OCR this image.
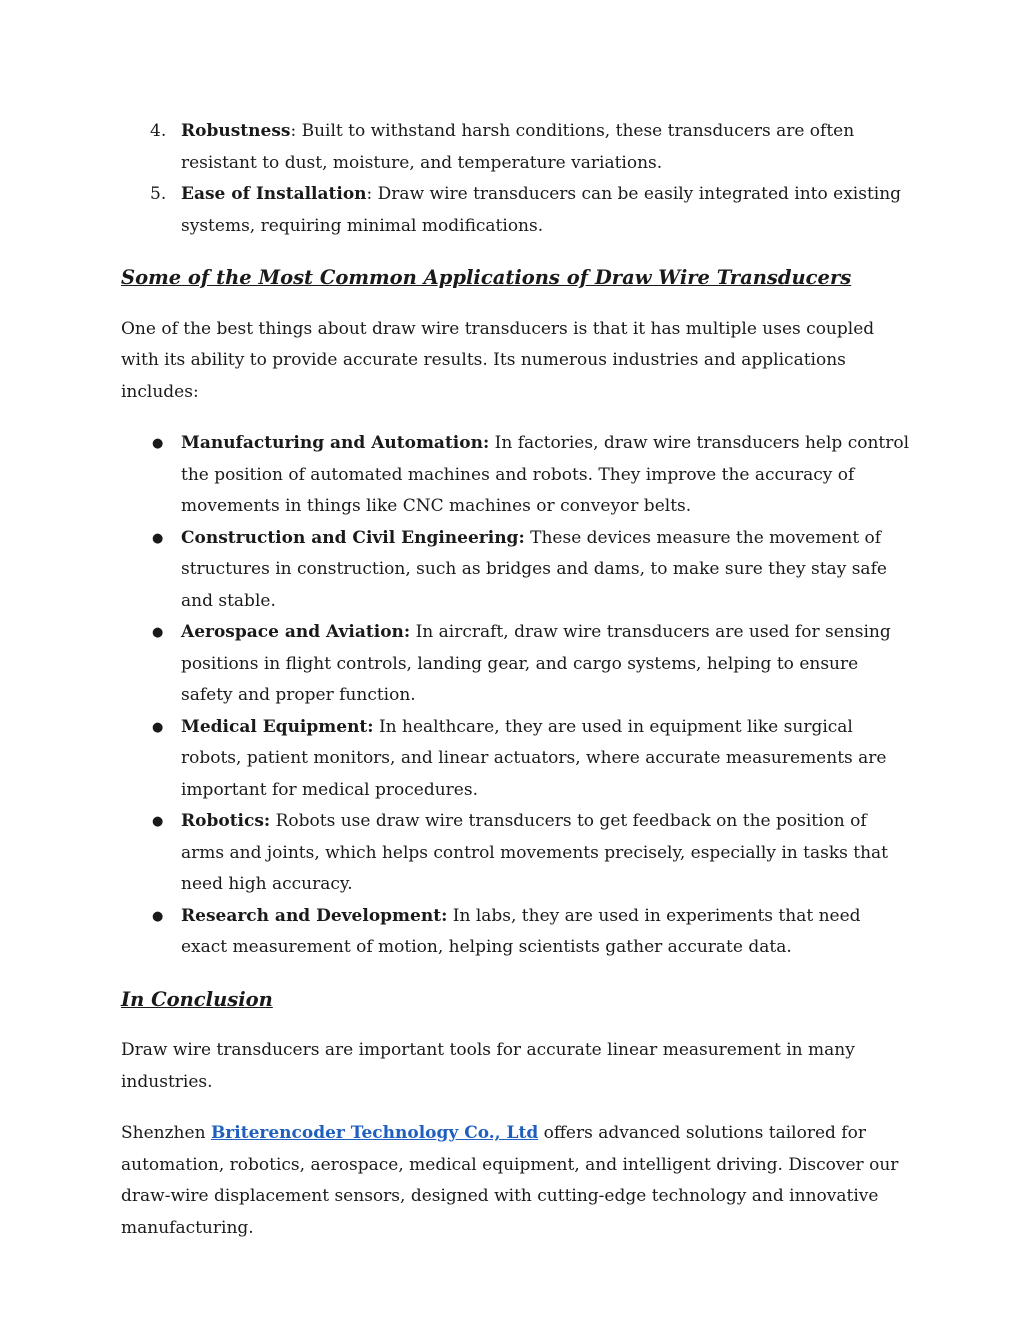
4. Robustness: Built to withstand harsh conditions, these transducers are often resistant to dust, moisture, and temperature variations.
5. Ease of Installation: Draw wire transducers can be easily integrated into existing systems, requiring minimal modifications.
Some of the Most Common Applications of Draw Wire Transducers

One of the best things about draw wire transducers is that it has multiple uses coupled with its ability to provide accurate results. Its numerous industries and applications includes:

● Manufacturing and Automation: In factories, draw wire transducers help control the position of automated machines and robots. They improve the accuracy of movements in things like CNC machines or conveyor belts.
● Construction and Civil Engineering: These devices measure the movement of structures in construction, such as bridges and dams, to make sure they stay safe and stable.
● Aerospace and Aviation: In aircraft, draw wire transducers are used for sensing positions in flight controls, landing gear, and cargo systems, helping to ensure safety and proper function.
● Medical Equipment: In healthcare, they are used in equipment like surgical robots, patient monitors, and linear actuators, where accurate measurements are important for medical procedures.
● Robotics: Robots use draw wire transducers to get feedback on the position of arms and joints, which helps control movements precisely, especially in tasks that need high accuracy.
● Research and Development: In labs, they are used in experiments that need exact measurement of motion, helping scientists gather accurate data.
In Conclusion

Draw wire transducers are important tools for accurate linear measurement in many industries.

Shenzhen Briterencoder Technology Co., Ltd offers advanced solutions tailored for automation, robotics, aerospace, medical equipment, and intelligent driving. Discover our draw-wire displacement sensors, designed with cutting-edge technology and innovative manufacturing.
